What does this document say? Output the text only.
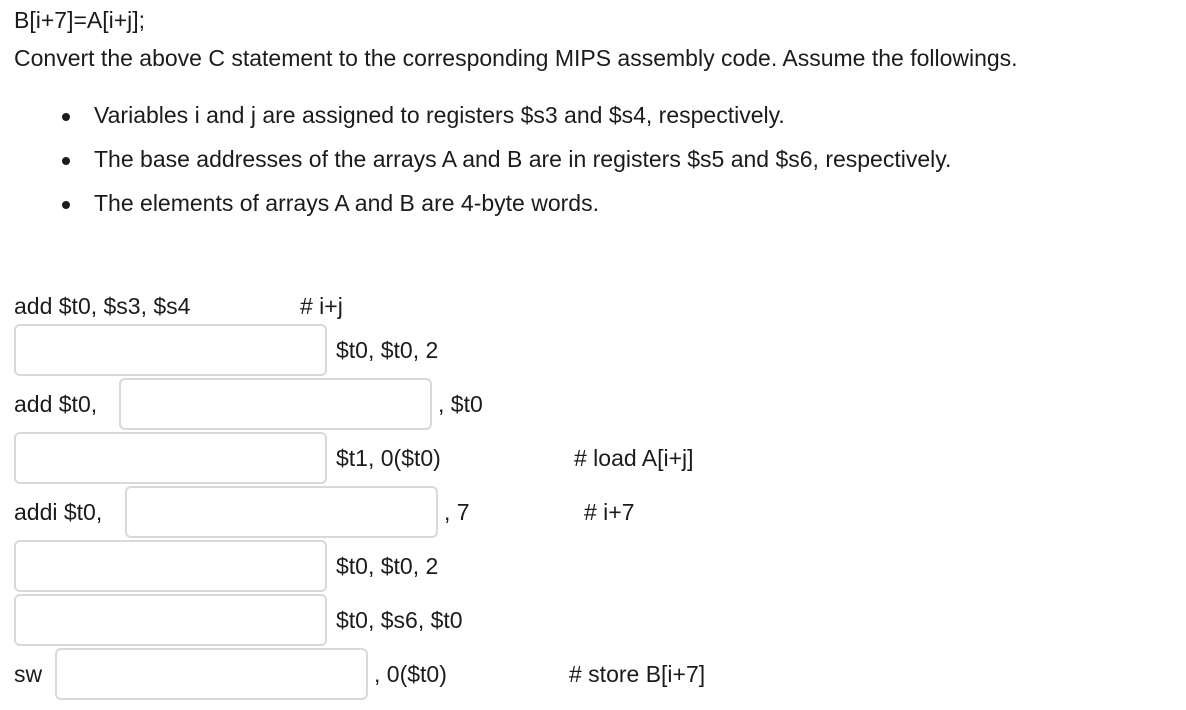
B[i+7]=A[i+j];
Convert the above C statement to the corresponding MIPS assembly code. Assume the followings.
Variables i and j are assigned to registers $s3 and $s4, respectively.
The base addresses of the arrays A and B are in registers $s5 and $s6, respectively.
The elements of arrays A and B are 4-byte words.
add $t0, $s3, $s4	# i+j
$t0, $t0, 2
add $t0,	, $t0
$t1, 0($t0)	# load A[i+j]
addi $t0,	, 7	# i+7
$t0, $t0, 2
$t0, $s6, $t0
sw	, 0($t0)	# store B[i+7]
